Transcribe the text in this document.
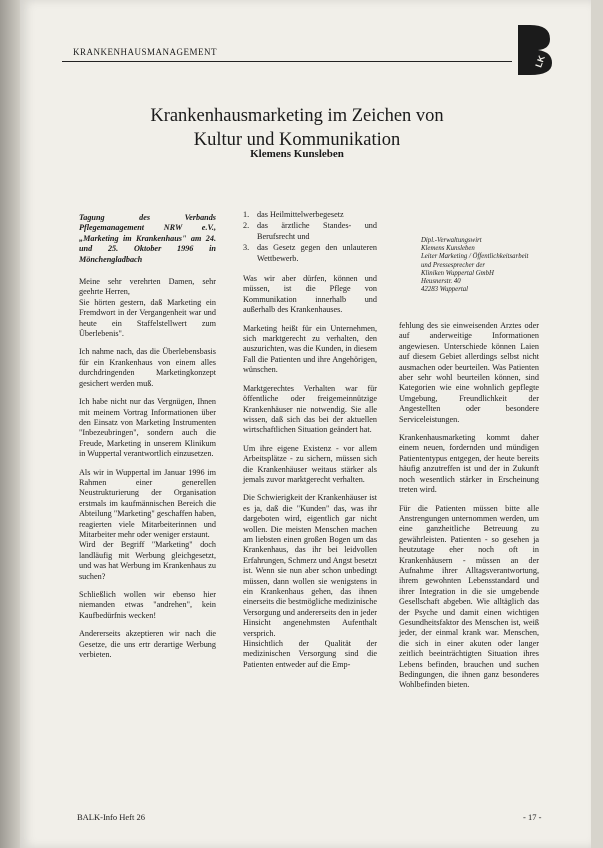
KRANKENHAUSMANAGEMENT
LK
Krankenhausmarketing im Zeichen von
Kultur und Kommunikation
Klemens Kunsleben

Tagung des Verbands Pflegemanagement NRW e.V., „Marketing im Krankenhaus" am 24. und 25. Oktober 1996 in Mönchengladbach

Meine sehr verehrten Damen, sehr geehrte Herren,
Sie hörten gestern, daß Marketing ein Fremdwort in der Vergangenheit war und heute ein Staffelstellwert zum Überlebenis".

Ich nahme nach, das die Überlebensbasis für ein Krankenhaus von einem alles durchdringenden Marketingkonzept gesichert werden muß.

Ich habe nicht nur das Vergnügen, Ihnen mit meinem Vortrag Informationen über den Einsatz von Marketing Instrumenten "Inbezeubringen", sondern auch die Freude, Marketing in unserem Klinikum in Wuppertal verantwortlich einzusetzen.

Als wir in Wuppertal im Januar 1996 im Rahmen einer generellen Neustrukturierung der Organisation erstmals im kaufmännischen Bereich die Abteilung "Marketing" geschaffen haben, reagierten viele Mitarbeiterinnen und Mitarbeiter mehr oder weniger erstaunt.
Wird der Begriff "Marketing" doch landläufig mit Werbung gleichgesetzt, und was hat Werbung im Krankenhaus zu suchen?

Schließlich wollen wir ebenso hier niemanden etwas "andrehen", kein Kaufbedürfnis wecken!

Andererseits akzeptieren wir nach die Gesetze, die uns ertr derartige Werbung verbieten.

1. das Heilmittelwerbegesetz
2. das ärztliche Standes- und Berufsrecht und
3. das Gesetz gegen den unlauteren Wettbewerb.

Was wir aber dürfen, können und müssen, ist die Pflege von Kommunikation innerhalb und außerhalb des Krankenhauses.

Marketing heißt für ein Unternehmen, sich marktgerecht zu verhalten, den auszurichten, was die Kunden, in diesem Fall die Patienten und ihre Angehörigen, wünschen.

Marktgerechtes Verhalten war für öffentliche oder freigemeinnützige Krankenhäuser nie notwendig. Sie alle wissen, daß sich das bei der aktuellen wirtschaftlichen Situation geändert hat.

Um ihre eigene Existenz - vor allem Arbeitsplätze - zu sichern, müssen sich die Krankenhäuser weitaus stärker als jemals zuvor marktgerecht verhalten.

Die Schwierigkeit der Krankenhäuser ist es ja, daß die "Kunden" das, was ihr dargeboten wird, eigentlich gar nicht wollen. Die meisten Menschen machen am liebsten einen großen Bogen um das Krankenhaus, das ihr bei leidvollen Erfahrungen, Schmerz und Angst besetzt ist. Wenn sie nun aber schon unbedingt müssen, dann wollen sie wenigstens in ein Krankenhaus gehen, das ihnen einerseits die bestmögliche medizinische Versorgung und andererseits den in jeder Hinsicht angenehmsten Aufenthalt versprich.
Hinsichtlich der Qualität der medizinischen Versorgung sind die Patienten entweder auf die Emp-

Dipl.-Verwaltungswirt
Klemens Kunsleben
Leiter Marketing / Öffentlichkeitsarbeit und Pressesprecher der
Kliniken Wuppertal GmbH
Heusnerstr. 40
42283 Wuppertal

fehlung des sie einweisenden Arztes oder auf anderweitige Informationen angewiesen. Unterschiede können Laien auf diesem Gebiet allerdings selbst nicht ausmachen oder beurteilen. Was Patienten aber sehr wohl beurteilen können, sind Kategorien wie eine wohnlich gepflegte Umgebung, Freundlichkeit der Angestellten oder besondere Serviceleistungen.

Krankenhausmarketing kommt daher einem neuen, fordernden und mündigen Patiententypus entgegen, der heute bereits häufig anzutreffen ist und der in Zukunft noch wesentlich stärker in Erscheinung treten wird.

Für die Patienten müssen bitte alle Anstrengungen unternommen werden, um eine ganzheitliche Betreuung zu gewährleisten. Patienten - so gesehen ja heutzutage eher noch oft in Krankenhäusern - müssen an der Aufnahme ihrer Alltagsverantwortung, ihrem gewohnten Lebensstandard und ihrer Integration in die sie umgebende Gesellschaft abgeben. Wie alltäglich das der Psyche und damit einen wichtigen Gesundheitsfaktor des Menschen ist, weiß jeder, der einmal krank war. Menschen, die sich in einer akuten oder langer zeitlich beeinträchtigten Situation ihres Lebens befinden, brauchen und suchen Bedingungen, die ihnen ganz besonderes Wohlbefinden bieten.

BALK-Info Heft 26	- 17 -
